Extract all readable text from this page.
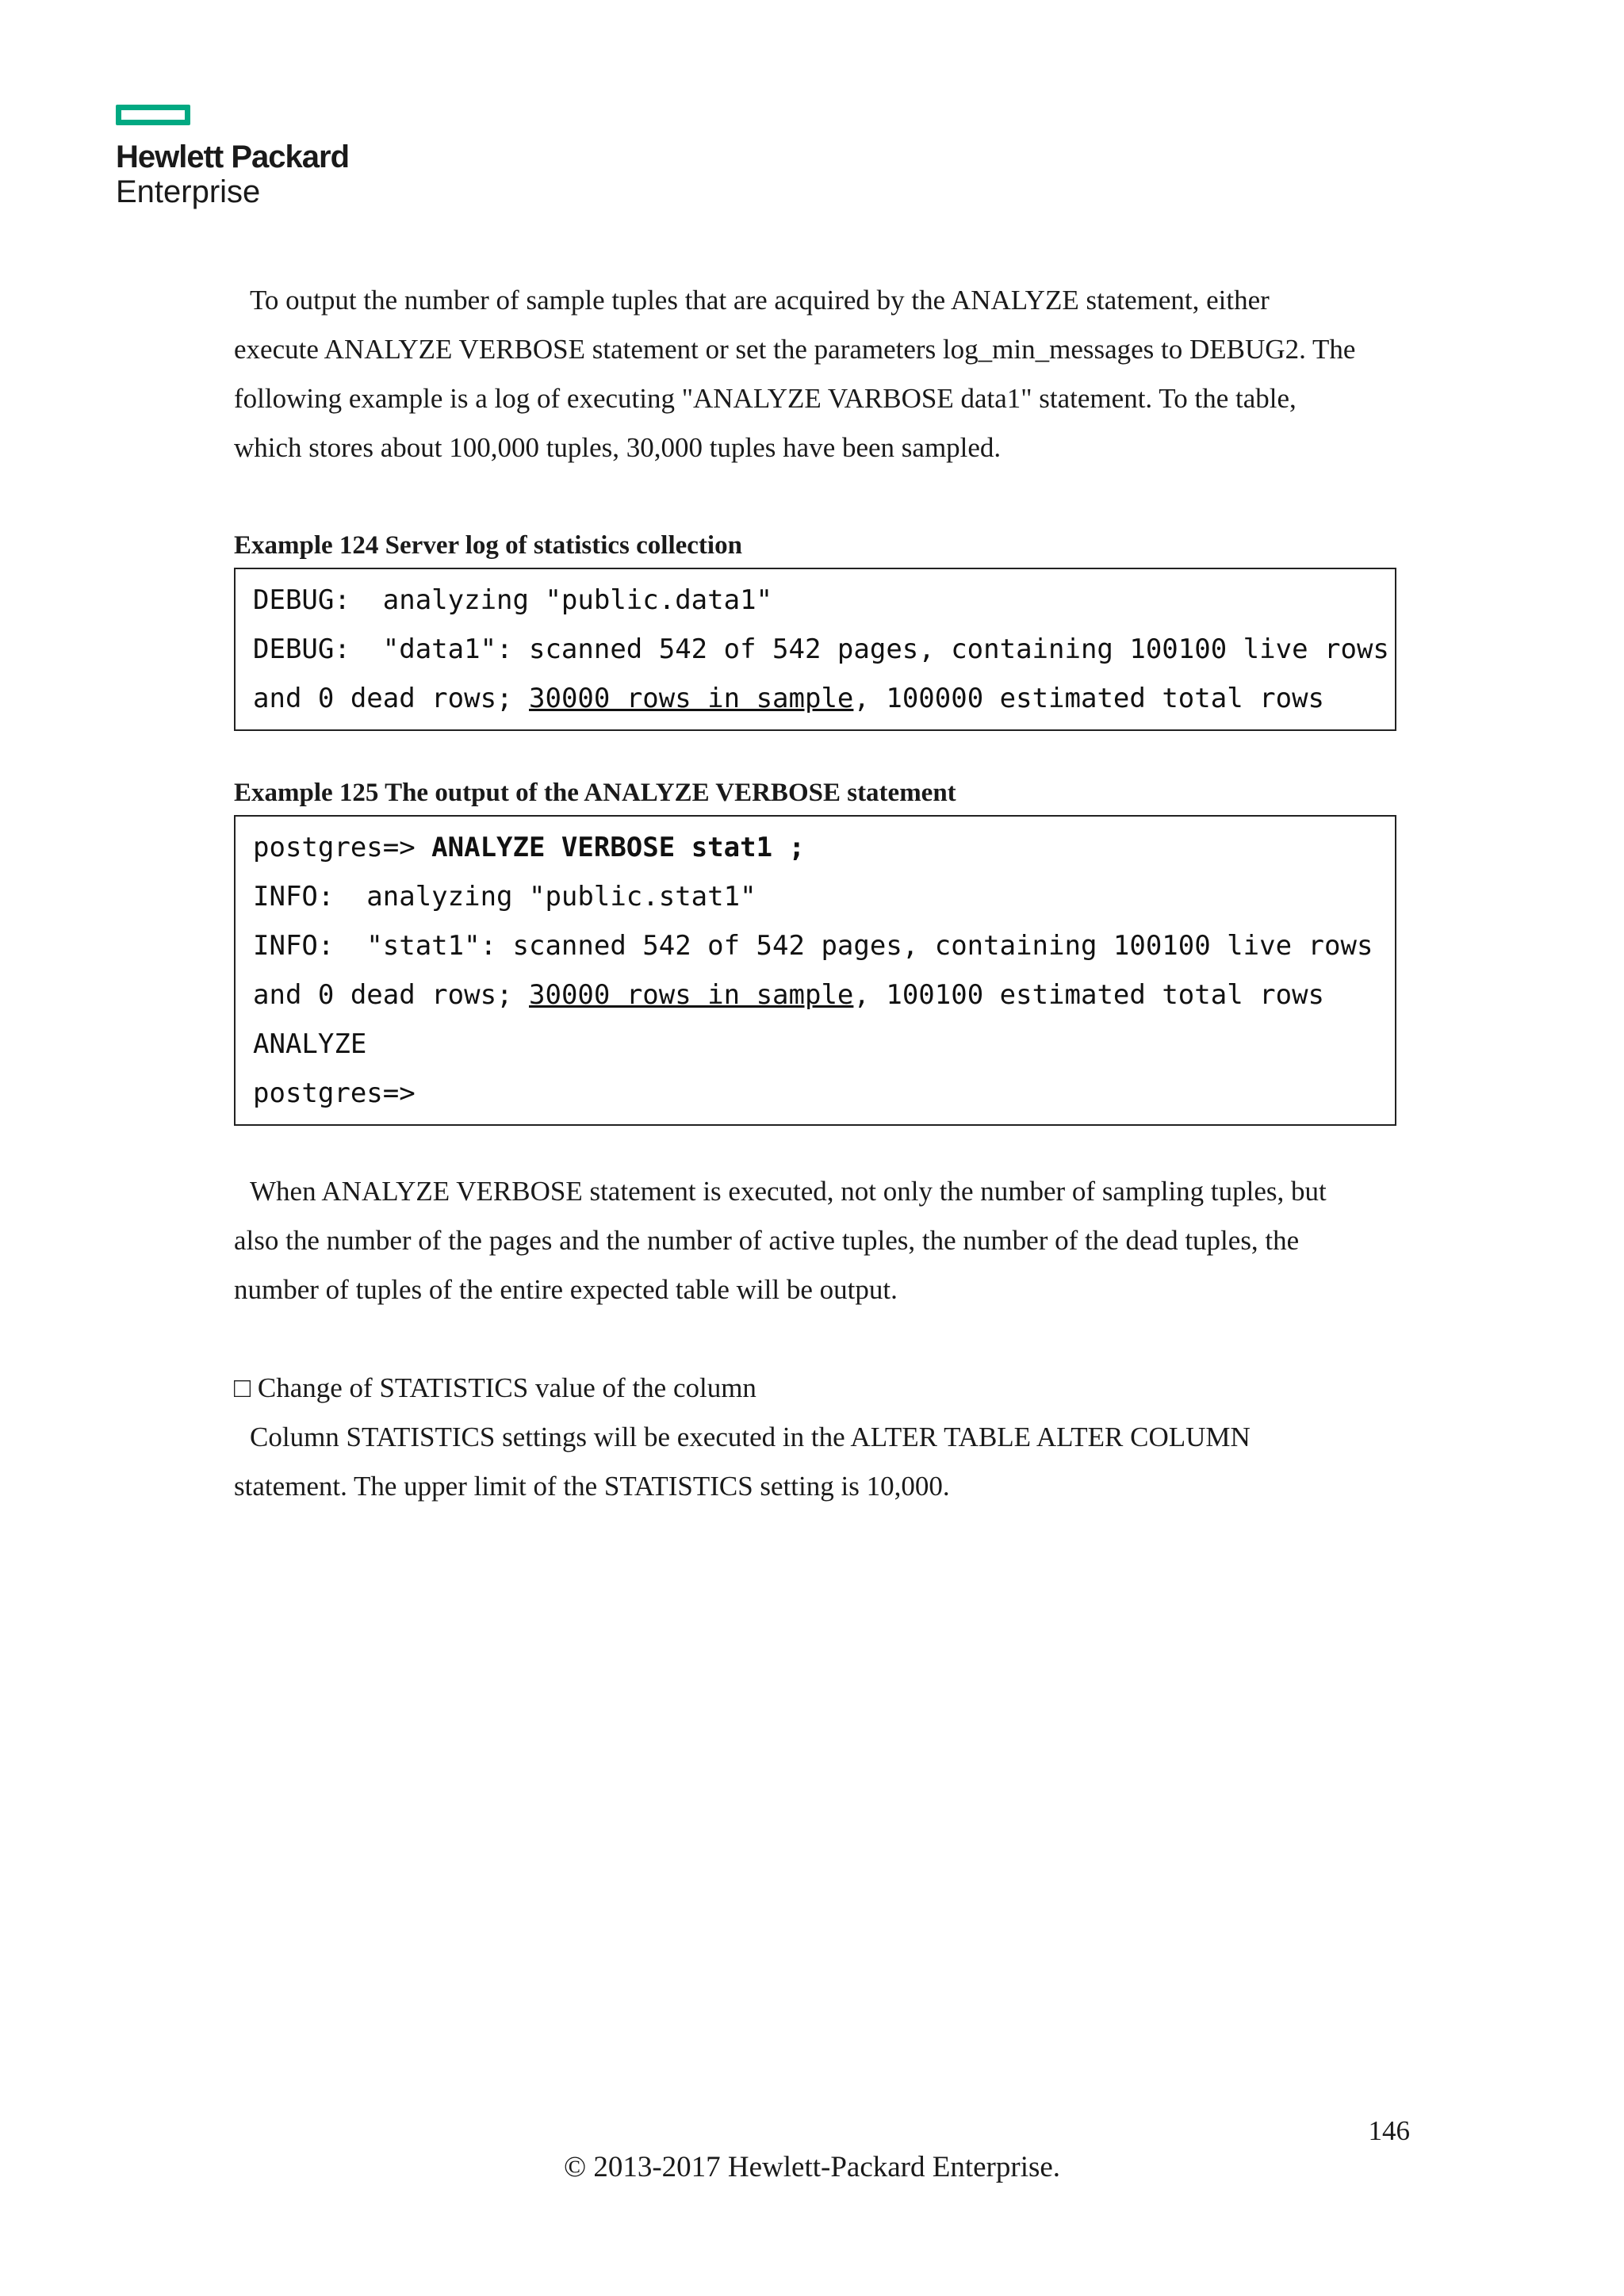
Hewlett Packard
Enterprise

To output the number of sample tuples that are acquired by the ANALYZE statement, either

execute ANALYZE VERBOSE statement or set the parameters log_min_messages to DEBUG2. The

following example is a log of executing "ANALYZE VARBOSE data1" statement. To the table,

which stores about 100,000 tuples, 30,000 tuples have been sampled.

Example 124 Server log of statistics collection

DEBUG:  analyzing "public.data1"
DEBUG:  "data1": scanned 542 of 542 pages, containing 100100 live rows
and 0 dead rows; 30000 rows in sample, 100000 estimated total rows

Example 125 The output of the ANALYZE VERBOSE statement

postgres=> ANALYZE VERBOSE stat1 ;
INFO:  analyzing "public.stat1"
INFO:  "stat1": scanned 542 of 542 pages, containing 100100 live rows
and 0 dead rows; 30000 rows in sample, 100100 estimated total rows
ANALYZE
postgres=>

When ANALYZE VERBOSE statement is executed, not only the number of sampling tuples, but

also the number of the pages and the number of active tuples, the number of the dead tuples, the

number of tuples of the entire expected table will be output.

□ Change of STATISTICS value of the column

Column STATISTICS settings will be executed in the ALTER TABLE ALTER COLUMN

statement. The upper limit of the STATISTICS setting is 10,000.

146
© 2013-2017 Hewlett-Packard Enterprise.
